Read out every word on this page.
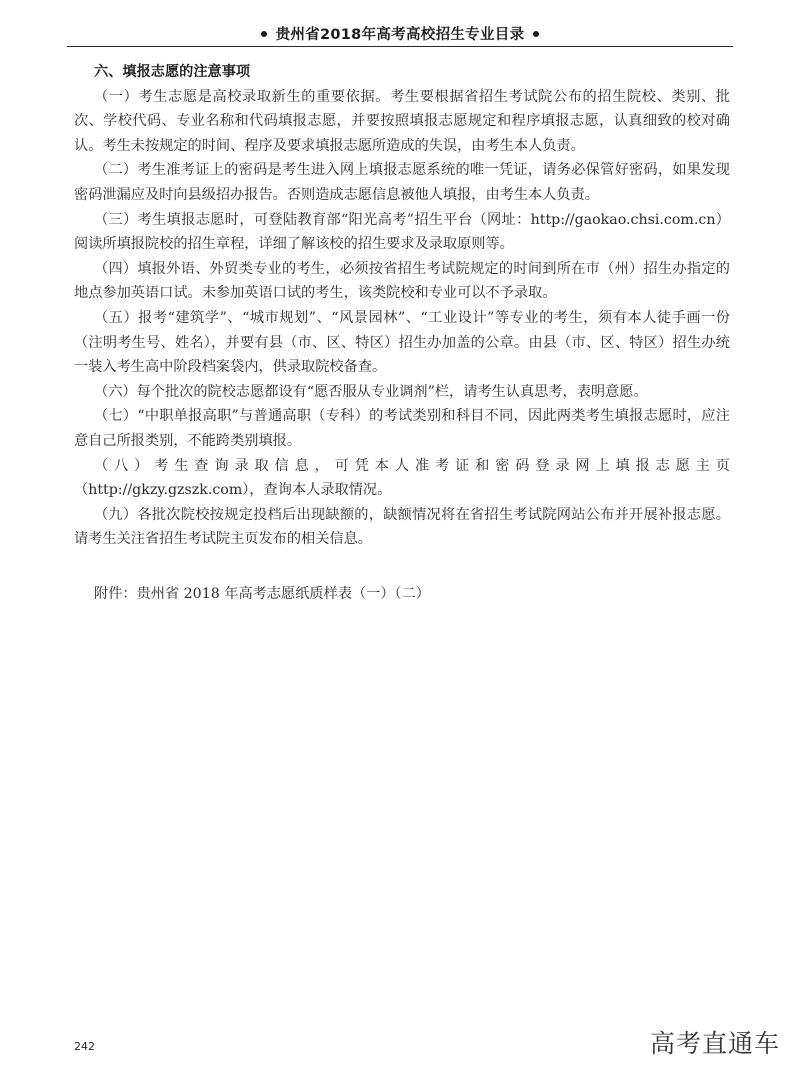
贵州省2018年高考高校招生专业目录

六、填报志愿的注意事项

（一）考生志愿是高校录取新生的重要依据。考生要根据省招生考试院公布的招生院校、类别、批次、学校代码、专业名称和代码填报志愿，并要按照填报志愿规定和程序填报志愿，认真细致的校对确认。考生未按规定的时间、程序及要求填报志愿所造成的失误，由考生本人负责。

（二）考生准考证上的密码是考生进入网上填报志愿系统的唯一凭证，请务必保管好密码，如果发现密码泄漏应及时向县级招办报告。否则造成志愿信息被他人填报，由考生本人负责。

（三）考生填报志愿时，可登陆教育部“阳光高考”招生平台（网址：http://gaokao.chsi.com.cn）阅读所填报院校的招生章程，详细了解该校的招生要求及录取原则等。

（四）填报外语、外贸类专业的考生，必须按省招生考试院规定的时间到所在市（州）招生办指定的地点参加英语口试。未参加英语口试的考生，该类院校和专业可以不予录取。

（五）报考“建筑学”、“城市规划”、“风景园林”、“工业设计”等专业的考生，须有本人徒手画一份（注明考生号、姓名），并要有县（市、区、特区）招生办加盖的公章。由县（市、区、特区）招生办统一装入考生高中阶段档案袋内，供录取院校备查。

（六）每个批次的院校志愿都设有“愿否服从专业调剂”栏，请考生认真思考，表明意愿。

（七）“中职单报高职”与普通高职（专科）的考试类别和科目不同，因此两类考生填报志愿时，应注意自己所报类别，不能跨类别填报。

（八）考生查询录取信息，可凭本人准考证和密码登录网上填报志愿主页（http://gkzy.gzszk.com），查询本人录取情况。

（九）各批次院校按规定投档后出现缺额的，缺额情况将在省招生考试院网站公布并开展补报志愿。请考生关注省招生考试院主页发布的相关信息。

附件：贵州省 2018 年高考志愿纸质样表（一）（二）

242	高考直通车
